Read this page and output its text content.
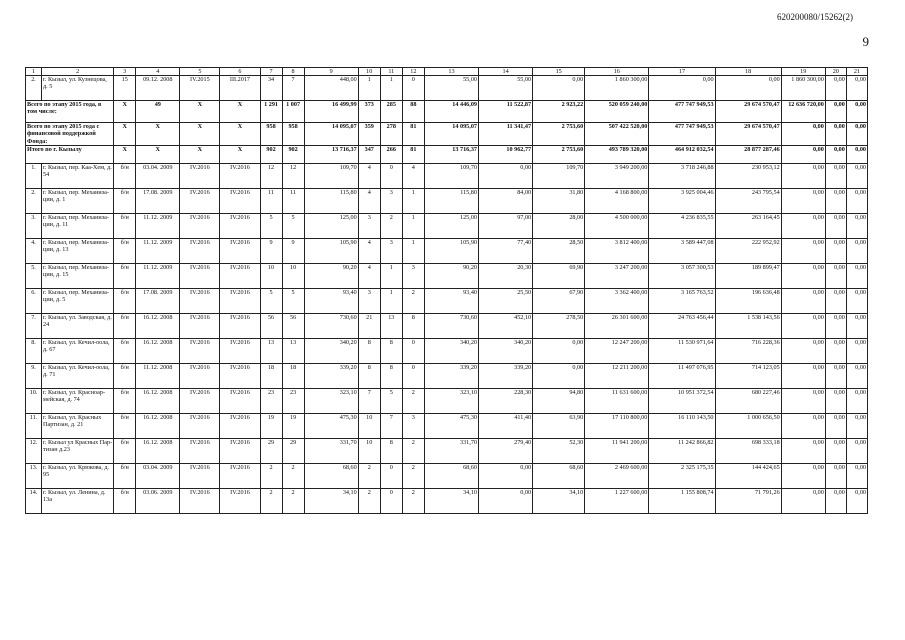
620200080/15262(2)
9
1	2	3	4	5	6	7	8	9	10	11	12	13	14	15	16	17	18	19	20	21
2.	г. Кызыл, ул. Кузнецова, д. 5	15	09.12. 2008	IV.2015	III.2017	34	7	448,00	1	1	0	55,00	55,00	0,00	1 860 300,00	0,00	0,00	1 860 300,00	0,00	0,00
Всего по этапу 2015 года, в том числе:		X	49	X	X	1 291	1 007	16 499,99	373	285	88	14 446,09	11 522,87	2 923,22	520 059 240,00	477 747 949,53	29 674 570,47	12 636 720,00	0,00	0,00
Всего по этапу 2015 года с финансовой поддержкой Фонда:		X	X	X	X	958	958	14 095,07	359	278	81	14 095,07	11 341,47	2 753,60	507 422 520,00	477 747 949,53	29 674 570,47	0,00	0,00	0,00
Итого по г. Кызылу		X	X	X	X	902	902	13 716,37	347	266	81	13 716,37	10 962,77	2 753,60	493 789 320,00	464 912 032,54	28 877 287,46	0,00	0,00	0,00
1.	г. Кызыл, пер. Каа-Хем, д. 54	б/н	03.04. 2009	IV.2016	IV.2016	12	12	109,70	4	0	4	109,70	0,00	109,70	3 949 200,00	3 718 246,88	230 953,12	0,00	0,00	0,00
2.	г. Кызыл, пер. Механиза-ции, д. 1	б/н	17.08. 2009	IV.2016	IV.2016	11	11	115,80	4	3	1	115,80	84,00	31,80	4 168 800,00	3 925 004,46	243 795,54	0,00	0,00	0,00
3.	г. Кызыл, пер. Механиза-ции, д. 11	б/н	11.12. 2009	IV.2016	IV.2016	5	5	125,00	3	2	1	125,00	97,00	28,00	4 500 000,00	4 236 835,55	263 164,45	0,00	0,00	0,00
4.	г. Кызыл, пер. Механиза-ции, д. 13	б/н	11.12. 2009	IV.2016	IV.2016	9	9	105,90	4	3	1	105,90	77,40	28,50	3 812 400,00	3 589 447,08	222 952,92	0,00	0,00	0,00
5.	г. Кызыл, пер. Механиза-ции, д. 15	б/н	11.12. 2009	IV.2016	IV.2016	10	10	90,20	4	1	3	90,20	20,30	69,90	3 247 200,00	3 057 300,53	189 899,47	0,00	0,00	0,00
6.	г. Кызыл, пер. Механиза-ции, д. 5	б/н	17.08. 2009	IV.2016	IV.2016	5	5	93,40	3	1	2	93,40	25,50	67,90	3 362 400,00	3 165 763,52	196 636,48	0,00	0,00	0,00
7.	г. Кызыл, ул. Заводская, д. 24	б/н	16.12. 2008	IV.2016	IV.2016	56	56	730,60	21	13	8	730,60	452,10	278,50	26 301 600,00	24 763 456,44	1 538 143,56	0,00	0,00	0,00
8.	г. Кызыл, ул. Кечил-оола, д. 67	б/н	16.12. 2008	IV.2016	IV.2016	13	13	340,20	8	8	0	340,20	340,20	0,00	12 247 200,00	11 530 971,64	716 228,36	0,00	0,00	0,00
9.	г. Кызыл, ул. Кечил-оола, д. 71	б/н	11.12. 2008	IV.2016	IV.2016	18	18	339,20	8	8	0	339,20	339,20	0,00	12 211 200,00	11 497 076,95	714 123,05	0,00	0,00	0,00
10.	г. Кызыл, ул. Красноар-мейская, д. 74	б/н	16.12. 2008	IV.2016	IV.2016	23	23	323,10	7	5	2	323,10	228,30	94,80	11 631 600,00	10 951 372,54	680 227,46	0,00	0,00	0,00
11.	г. Кызыл, ул. Красных Партизан, д. 21	б/н	16.12. 2008	IV.2016	IV.2016	19	19	475,30	10	7	3	475,30	411,40	63,90	17 110 800,00	16 110 143,50	1 000 656,50	0,00	0,00	0,00
12.	г. Кызыл ул Красных Пар-тизан д.23	б/н	16.12. 2008	IV.2016	IV.2016	29	29	331,70	10	8	2	331,70	279,40	52,30	11 941 200,00	11 242 866,82	698 333,18	0,00	0,00	0,00
13.	г. Кызыл, ул. Крюкова, д. 95	б/н	03.04. 2009	IV.2016	IV.2016	2	2	68,60	2	0	2	68,60	0,00	68,60	2 469 600,00	2 325 175,35	144 424,65	0,00	0,00	0,00
14.	г. Кызыл, ул. Ленина, д. 13а	б/н	03.06. 2009	IV.2016	IV.2016	2	2	34,10	2	0	2	34,10	0,00	34,10	1 227 600,00	1 155 808,74	71 791,26	0,00	0,00	0,00
